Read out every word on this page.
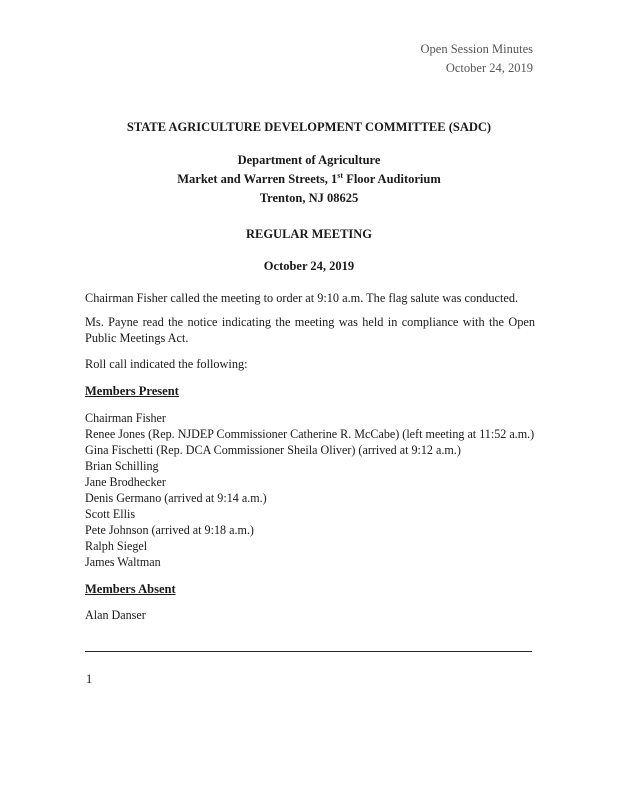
Open Session Minutes
October 24, 2019
STATE AGRICULTURE DEVELOPMENT COMMITTEE (SADC)
Department of Agriculture
Market and Warren Streets, 1st Floor Auditorium
Trenton, NJ 08625
REGULAR MEETING
October 24, 2019
Chairman Fisher called the meeting to order at 9:10 a.m. The flag salute was conducted.
Ms. Payne read the notice indicating the meeting was held in compliance with the Open Public Meetings Act.
Roll call indicated the following:
Members Present
Chairman Fisher
Renee Jones (Rep. NJDEP Commissioner Catherine R. McCabe) (left meeting at 11:52 a.m.)
Gina Fischetti (Rep. DCA Commissioner Sheila Oliver) (arrived at 9:12 a.m.)
Brian Schilling
Jane Brodhecker
Denis Germano (arrived at 9:14 a.m.)
Scott Ellis
Pete Johnson (arrived at 9:18 a.m.)
Ralph Siegel
James Waltman
Members Absent
Alan Danser
1
